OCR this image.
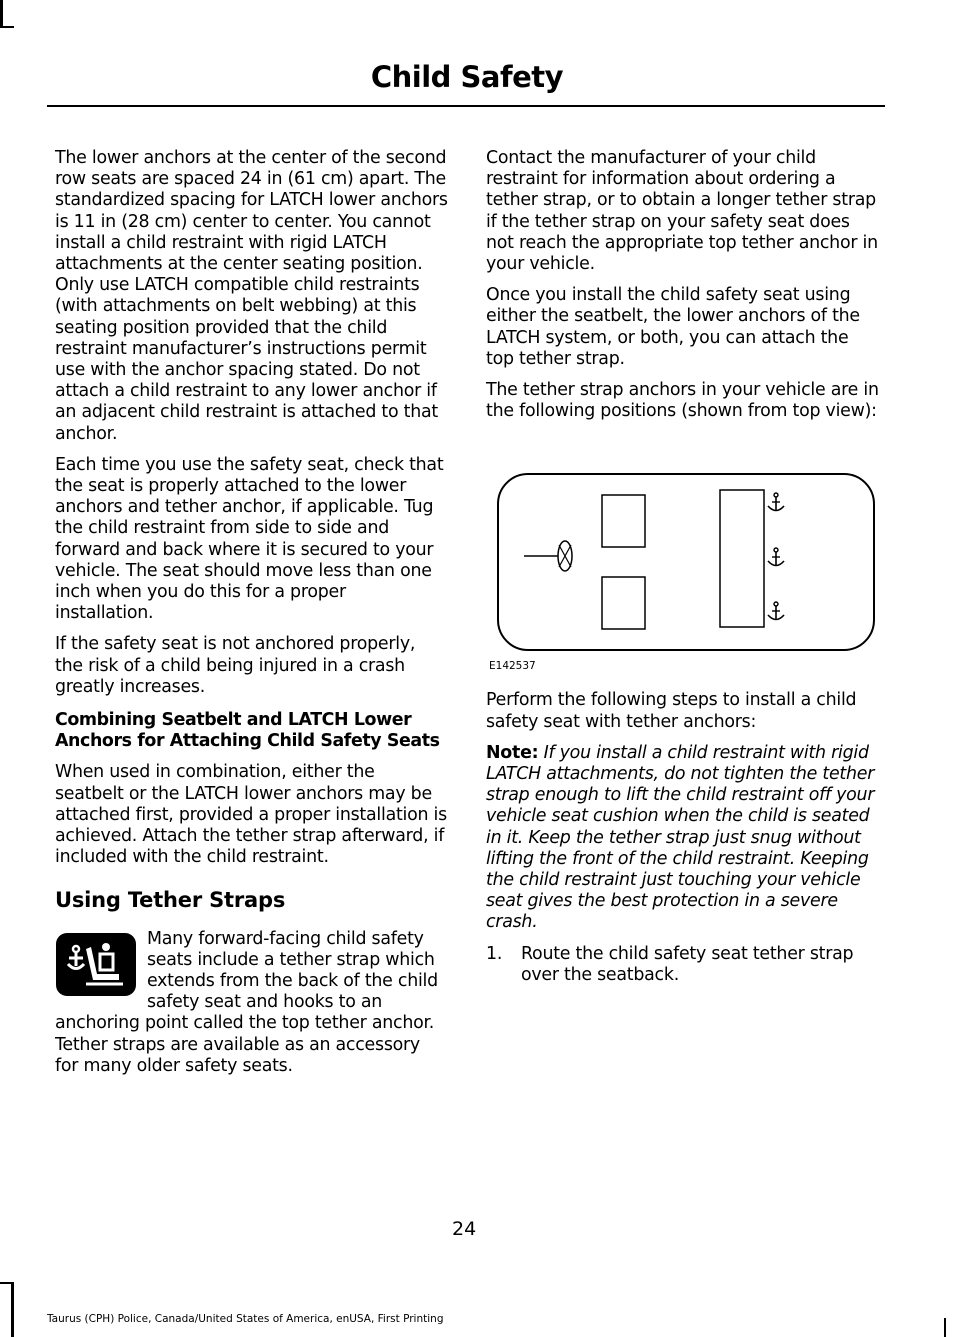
Child Safety

The lower anchors at the center of the second row seats are spaced 24 in (61 cm) apart. The standardized spacing for LATCH lower anchors is 11 in (28 cm) center to center. You cannot install a child restraint with rigid LATCH attachments at the center seating position. Only use LATCH compatible child restraints (with attachments on belt webbing) at this seating position provided that the child restraint manufacturer’s instructions permit use with the anchor spacing stated. Do not attach a child restraint to any lower anchor if an adjacent child restraint is attached to that anchor.

Each time you use the safety seat, check that the seat is properly attached to the lower anchors and tether anchor, if applicable. Tug the child restraint from side to side and forward and back where it is secured to your vehicle. The seat should move less than one inch when you do this for a proper installation.

If the safety seat is not anchored properly, the risk of a child being injured in a crash greatly increases.

Combining Seatbelt and LATCH Lower Anchors for Attaching Child Safety Seats

When used in combination, either the seatbelt or the LATCH lower anchors may be attached first, provided a proper installation is achieved. Attach the tether strap afterward, if included with the child restraint.

Using Tether Straps

Many forward-facing child safety seats include a tether strap which extends from the back of the child safety seat and hooks to an anchoring point called the top tether anchor. Tether straps are available as an accessory for many older safety seats.

Contact the manufacturer of your child restraint for information about ordering a tether strap, or to obtain a longer tether strap if the tether strap on your safety seat does not reach the appropriate top tether anchor in your vehicle.

Once you install the child safety seat using either the seatbelt, the lower anchors of the LATCH system, or both, you can attach the top tether strap.

The tether strap anchors in your vehicle are in the following positions (shown from top view):

E142537

Perform the following steps to install a child safety seat with tether anchors:

Note: If you install a child restraint with rigid LATCH attachments, do not tighten the tether strap enough to lift the child restraint off your vehicle seat cushion when the child is seated in it. Keep the tether strap just snug without lifting the front of the child restraint. Keeping the child restraint just touching your vehicle seat gives the best protection in a severe crash.

1. Route the child safety seat tether strap over the seatback.
24
Taurus (CPH) Police, Canada/United States of America, enUSA, First Printing
